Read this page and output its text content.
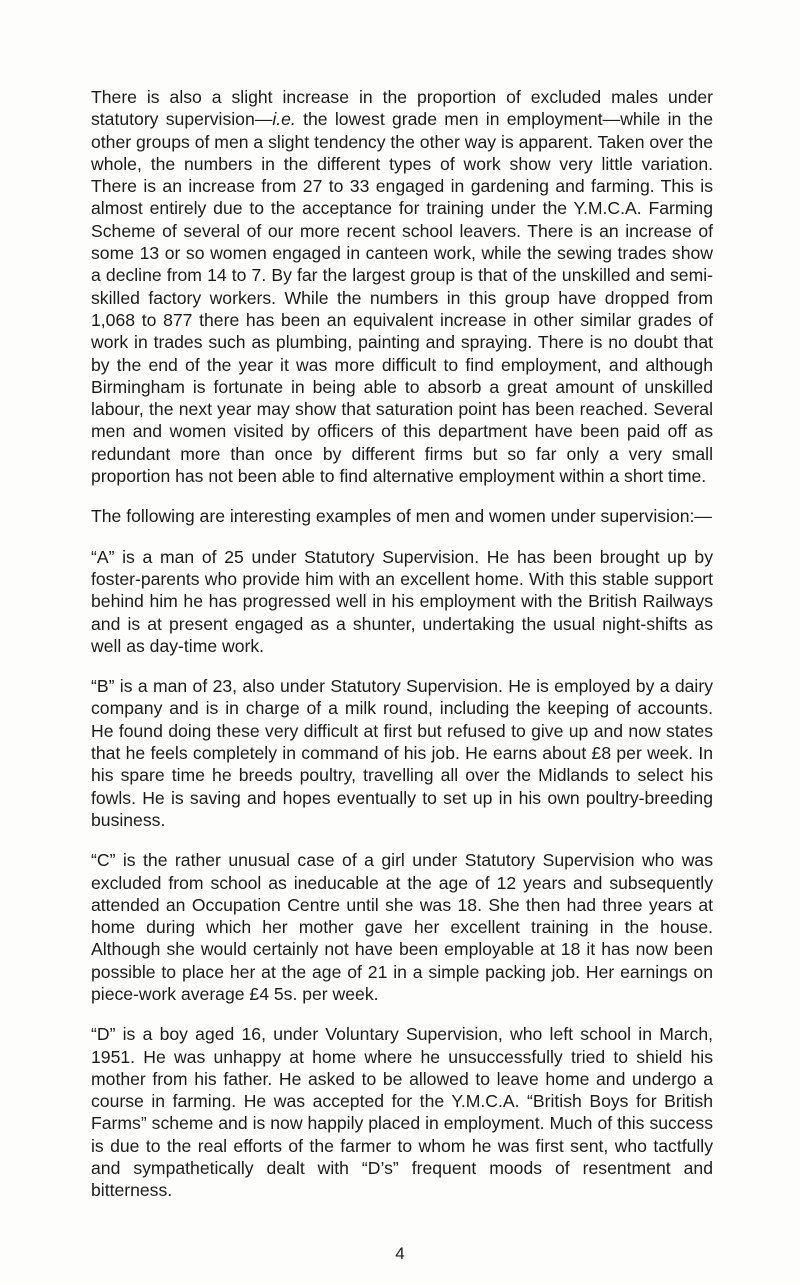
There is also a slight increase in the proportion of excluded males under statutory supervision—i.e. the lowest grade men in employment—while in the other groups of men a slight tendency the other way is apparent. Taken over the whole, the numbers in the different types of work show very little variation. There is an increase from 27 to 33 engaged in gardening and farming. This is almost entirely due to the acceptance for training under the Y.M.C.A. Farming Scheme of several of our more recent school leavers. There is an increase of some 13 or so women engaged in canteen work, while the sewing trades show a decline from 14 to 7. By far the largest group is that of the unskilled and semi-skilled factory workers. While the numbers in this group have dropped from 1,068 to 877 there has been an equivalent increase in other similar grades of work in trades such as plumbing, painting and spraying. There is no doubt that by the end of the year it was more difficult to find employment, and although Birmingham is fortunate in being able to absorb a great amount of unskilled labour, the next year may show that saturation point has been reached. Several men and women visited by officers of this department have been paid off as redundant more than once by different firms but so far only a very small proportion has not been able to find alternative employment within a short time.

The following are interesting examples of men and women under supervision:—

“A” is a man of 25 under Statutory Supervision. He has been brought up by foster-parents who provide him with an excellent home. With this stable support behind him he has progressed well in his employment with the British Railways and is at present engaged as a shunter, undertaking the usual night-shifts as well as day-time work.

“B” is a man of 23, also under Statutory Supervision. He is employed by a dairy company and is in charge of a milk round, including the keeping of accounts. He found doing these very difficult at first but refused to give up and now states that he feels completely in command of his job. He earns about £8 per week. In his spare time he breeds poultry, travelling all over the Midlands to select his fowls. He is saving and hopes eventually to set up in his own poultry-breeding business.

“C” is the rather unusual case of a girl under Statutory Supervision who was excluded from school as ineducable at the age of 12 years and subsequently attended an Occupation Centre until she was 18. She then had three years at home during which her mother gave her excellent training in the house. Although she would certainly not have been employable at 18 it has now been possible to place her at the age of 21 in a simple packing job. Her earnings on piece-work average £4 5s. per week.

“D” is a boy aged 16, under Voluntary Supervision, who left school in March, 1951. He was unhappy at home where he unsuccessfully tried to shield his mother from his father. He asked to be allowed to leave home and undergo a course in farming. He was accepted for the Y.M.C.A. “British Boys for British Farms” scheme and is now happily placed in employment. Much of this success is due to the real efforts of the farmer to whom he was first sent, who tactfully and sympathetically dealt with “D’s” frequent moods of resentment and bitterness.

4
